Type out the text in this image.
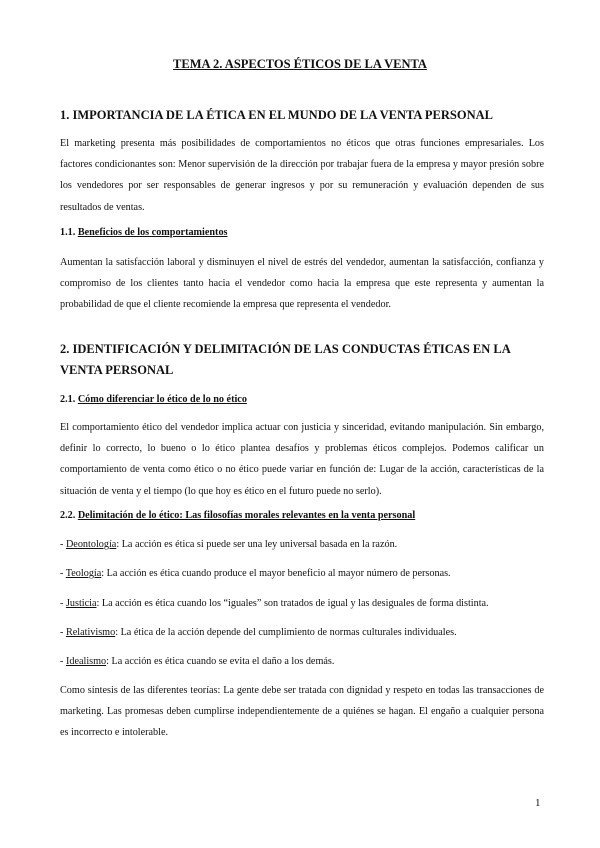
TEMA 2. ASPECTOS ÉTICOS DE LA VENTA
1. IMPORTANCIA DE LA ÉTICA EN EL MUNDO DE LA VENTA PERSONAL

El marketing presenta más posibilidades de comportamientos no éticos que otras funciones empresariales. Los factores condicionantes son: Menor supervisión de la dirección por trabajar fuera de la empresa y mayor presión sobre los vendedores por ser responsables de generar ingresos y por su remuneración y evaluación dependen de sus resultados de ventas.

1.1. Beneficios de los comportamientos

Aumentan la satisfacción laboral y disminuyen el nivel de estrés del vendedor, aumentan la satisfacción, confianza y compromiso de los clientes tanto hacia el vendedor como hacia la empresa que este representa y aumentan la probabilidad de que el cliente recomiende la empresa que representa el vendedor.

2. IDENTIFICACIÓN Y DELIMITACIÓN DE LAS CONDUCTAS ÉTICAS EN LA VENTA PERSONAL
2.1. Cómo diferenciar lo ético de lo no ético

El comportamiento ético del vendedor implica actuar con justicia y sinceridad, evitando manipulación. Sin embargo, definir lo correcto, lo bueno o lo ético plantea desafíos y problemas éticos complejos. Podemos calificar un comportamiento de venta como ético o no ético puede variar en función de: Lugar de la acción, características de la situación de venta y el tiempo (lo que hoy es ético en el futuro puede no serlo).

2.2. Delimitación de lo ético: Las filosofías morales relevantes en la venta personal

- Deontología: La acción es ética si puede ser una ley universal basada en la razón.

- Teología: La acción es ética cuando produce el mayor beneficio al mayor número de personas.

- Justicia: La acción es ética cuando los “iguales” son tratados de igual y las desiguales de forma distinta.

- Relativismo: La ética de la acción depende del cumplimiento de normas culturales individuales.

- Idealismo: La acción es ética cuando se evita el daño a los demás.

Como síntesis de las diferentes teorías: La gente debe ser tratada con dignidad y respeto en todas las transacciones de marketing. Las promesas deben cumplirse independientemente de a quiénes se hagan. El engaño a cualquier persona es incorrecto e intolerable.

1
